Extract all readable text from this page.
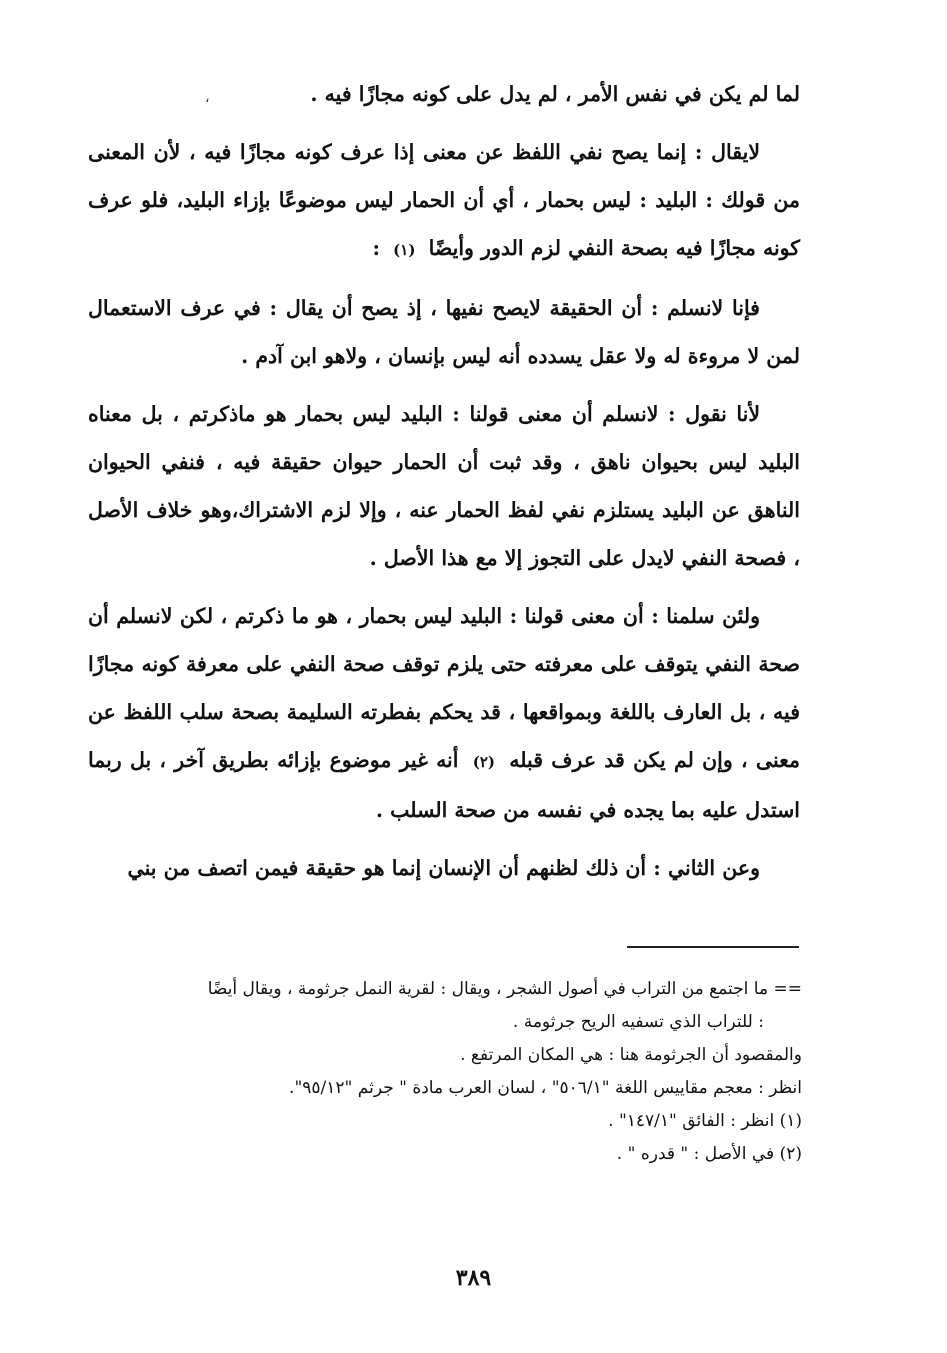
،	لما لم يكن في نفس الأمر ، لم يدل على كونه مجازًا فيه .

لايقال : إنما يصح نفي اللفظ عن معنى إذا عرف كونه مجازًا فيه ، لأن المعنى من قولك : البليد : ليس بحمار ، أي أن الحمار ليس موضوعًا بإزاء البليد، فلو عرف كونه مجازًا فيه بصحة النفي لزم الدور وأيضًا (١) :

فإنا لانسلم : أن الحقيقة لايصح نفيها ، إذ يصح أن يقال : في عرف الاستعمال لمن لا مروءة له ولا عقل يسدده أنه ليس بإنسان ، ولاهو ابن آدم .

لأنا نقول : لانسلم أن معنى قولنا : البليد ليس بحمار هو ماذكرتم ، بل معناه البليد ليس بحيوان ناهق ، وقد ثبت أن الحمار حيوان حقيقة فيه ، فنفي الحيوان الناهق عن البليد يستلزم نفي لفظ الحمار عنه ، وإلا لزم الاشتراك،وهو خلاف الأصل ، فصحة النفي لايدل على التجوز إلا مع هذا الأصل .

ولئن سلمنا : أن معنى قولنا : البليد ليس بحمار ، هو ما ذكرتم ، لكن لانسلم أن صحة النفي يتوقف على معرفته حتى يلزم توقف صحة النفي على معرفة كونه مجازًا فيه ، بل العارف باللغة وبمواقعها ، قد يحكم بفطرته السليمة بصحة سلب اللفظ عن معنى ، وإن لم يكن قد عرف قبله (٢) أنه غير موضوع بإزائه بطريق آخر ، بل ربما استدل عليه بما يجده في نفسه من صحة السلب .

وعن الثاني : أن ذلك لظنهم أن الإنسان إنما هو حقيقة فيمن اتصف من بني

== ما اجتمع من التراب في أصول الشجر ، ويقال : لقرية النمل جرثومة ، ويقال أيضًا

: للتراب الذي تسفيه الريح جرثومة .

والمقصود أن الجرثومة هنا : هي المكان المرتفع .

انظر : معجم مقاييس اللغة "٥٠٦/١" ، لسان العرب مادة " جرثم "٩٥/١٢".

(١) انظر : الفائق "١٤٧/١" .

(٢) في الأصل : " قدره " .

٣٨٩
